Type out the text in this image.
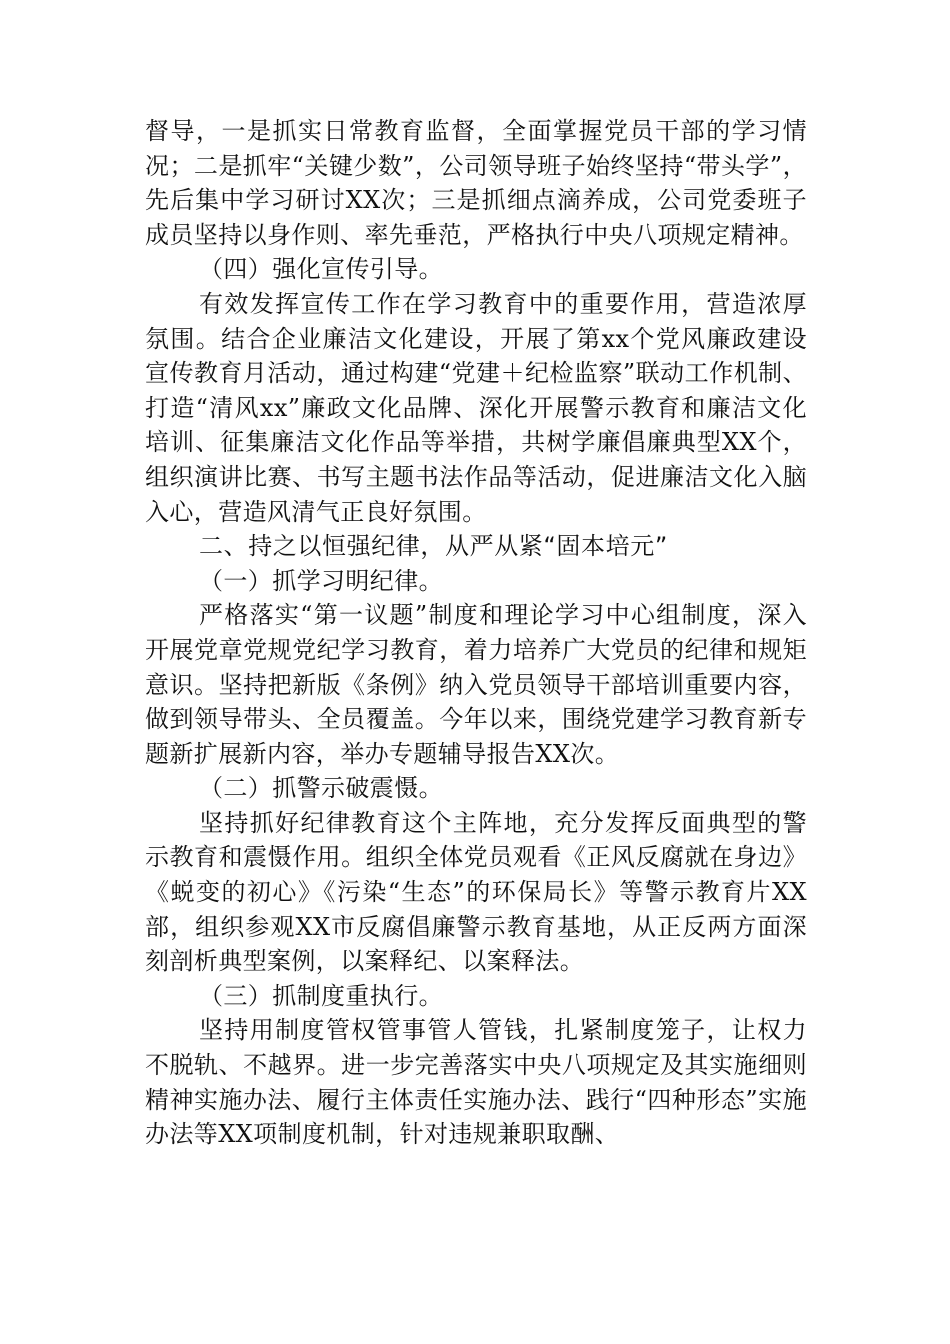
督导，一是抓实日常教育监督，全面掌握党员干部的学习情况；二是抓牢“关键少数”，公司领导班子始终坚持“带头学”，先后集中学习研讨XX次；三是抓细点滴养成，公司党委班子成员坚持以身作则、率先垂范，严格执行中央八项规定精神。

（四）强化宣传引导。

有效发挥宣传工作在学习教育中的重要作用，营造浓厚氛围。结合企业廉洁文化建设，开展了第xx个党风廉政建设宣传教育月活动，通过构建“党建＋纪检监察”联动工作机制、打造“清风xx”廉政文化品牌、深化开展警示教育和廉洁文化培训、征集廉洁文化作品等举措，共树学廉倡廉典型XX个，组织演讲比赛、书写主题书法作品等活动，促进廉洁文化入脑入心，营造风清气正良好氛围。

二、持之以恒强纪律，从严从紧“固本培元”

（一）抓学习明纪律。

严格落实“第一议题”制度和理论学习中心组制度，深入开展党章党规党纪学习教育，着力培养广大党员的纪律和规矩意识。坚持把新版《条例》纳入党员领导干部培训重要内容，做到领导带头、全员覆盖。今年以来，围绕党建学习教育新专题新扩展新内容，举办专题辅导报告XX次。

（二）抓警示破震慑。

坚持抓好纪律教育这个主阵地，充分发挥反面典型的警示教育和震慑作用。组织全体党员观看《正风反腐就在身边》《蜕变的初心》《污染“生态”的环保局长》等警示教育片XX部，组织参观XX市反腐倡廉警示教育基地，从正反两方面深刻剖析典型案例，以案释纪、以案释法。

（三）抓制度重执行。

坚持用制度管权管事管人管钱，扎紧制度笼子，让权力不脱轨、不越界。进一步完善落实中央八项规定及其实施细则精神实施办法、履行主体责任实施办法、践行“四种形态”实施办法等XX项制度机制，针对违规兼职取酬、
